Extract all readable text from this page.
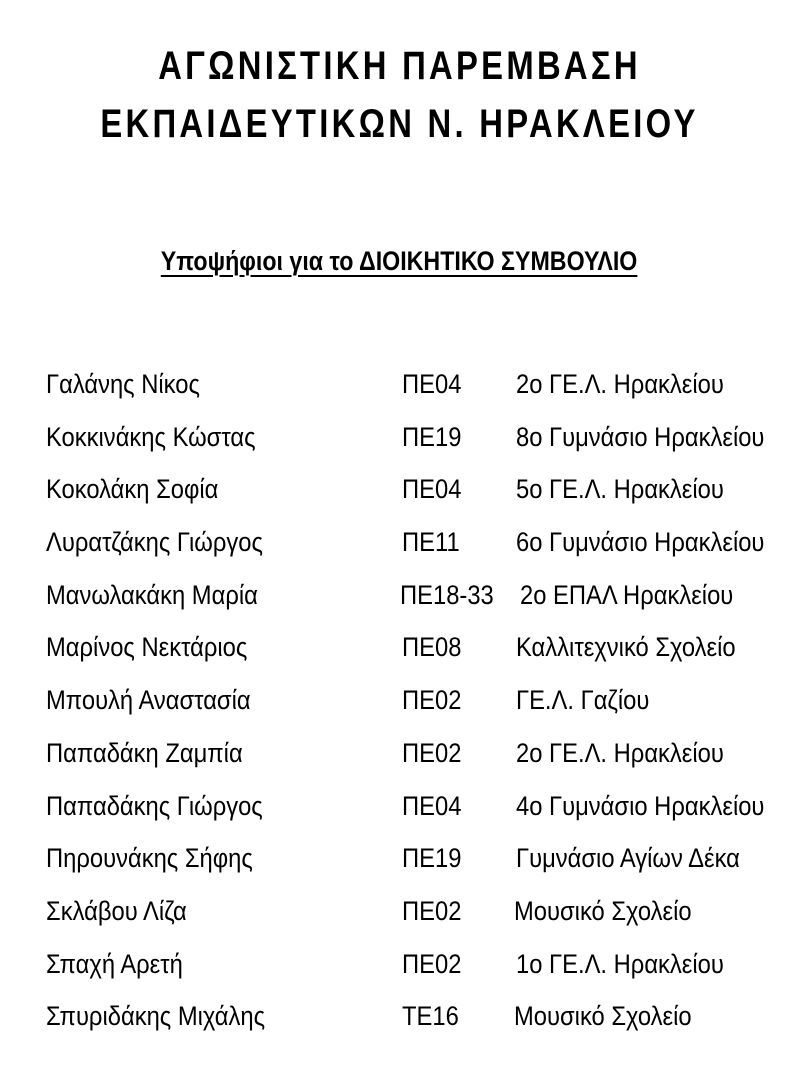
ΑΓΩΝΙΣΤΙΚΗ ΠΑΡΕΜΒΑΣΗ
ΕΚΠΑΙΔΕΥΤΙΚΩΝ Ν. ΗΡΑΚΛΕΙΟΥ
Υποψήφιοι για το ΔΙΟΙΚΗΤΙΚΟ ΣΥΜΒΟΥΛΙΟ
Γαλάνης Νίκος	ΠΕ04 2ο ΓΕ.Λ. Ηρακλείου
Κοκκινάκης Κώστας	ΠΕ19 8ο Γυμνάσιο Ηρακλείου
Κοκολάκη Σοφία	ΠΕ04 5ο ΓΕ.Λ. Ηρακλείου
Λυρατζάκης Γιώργος	ΠΕ11 6ο Γυμνάσιο Ηρακλείου
Μανωλακάκη Μαρία	ΠΕ18-33 2ο ΕΠΑΛ Ηρακλείου
Μαρίνος Νεκτάριος	ΠΕ08 Καλλιτεχνικό Σχολείο
Μπουλή Αναστασία	ΠΕ02 ΓΕ.Λ. Γαζίου
Παπαδάκη Ζαμπία	ΠΕ02 2ο ΓΕ.Λ. Ηρακλείου
Παπαδάκης Γιώργος	ΠΕ04 4ο Γυμνάσιο Ηρακλείου
Πηρουνάκης Σήφης	ΠΕ19 Γυμνάσιο Αγίων Δέκα
Σκλάβου Λίζα	ΠΕ02 Μουσικό Σχολείο
Σπαχή Αρετή	ΠΕ02 1ο ΓΕ.Λ. Ηρακλείου
Σπυριδάκης Μιχάλης	ΤΕ16 Μουσικό Σχολείο
